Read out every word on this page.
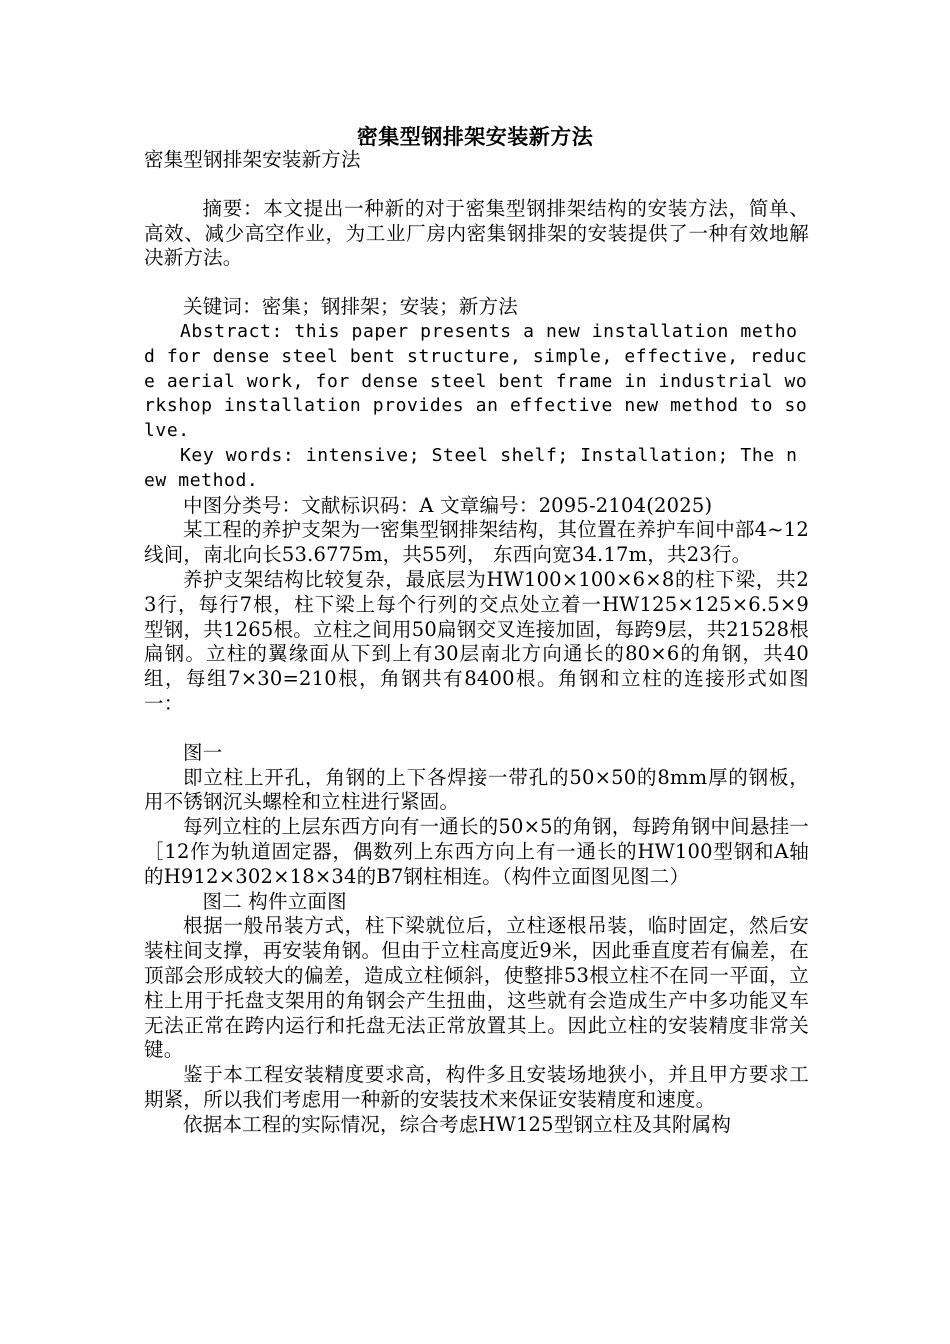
密集型钢排架安装新方法

密集型钢排架安装新方法

摘要：本文提出一种新的对于密集型钢排架结构的安装方法，简单、高效、减少高空作业，为工业厂房内密集钢排架的安装提供了一种有效地解决新方法。

关键词：密集；钢排架；安装；新方法

Abstract: this paper presents a new installation method for dense steel bent structure, simple, effective, reduce aerial work, for dense steel bent frame in industrial workshop installation provides an effective new method to solve.

Key words: intensive; Steel shelf; Installation; The new method.

中图分类号：文献标识码：A 文章编号：2095-2104(2025)

某工程的养护支架为一密集型钢排架结构，其位置在养护车间中部4~12线间，南北向长53.6775m，共55列， 东西向宽34.17m，共23行。

养护支架结构比较复杂，最底层为HW100×100×6×8的柱下梁，共23行，每行7根，柱下梁上每个行列的交点处立着一HW125×125×6.5×9型钢，共1265根。立柱之间用50扁钢交叉连接加固，每跨9层，共21528根扁钢。立柱的翼缘面从下到上有30层南北方向通长的80×6的角钢，共40组，每组7×30=210根，角钢共有8400根。角钢和立柱的连接形式如图一：

图一

即立柱上开孔，角钢的上下各焊接一带孔的50×50的8mm厚的钢板，用不锈钢沉头螺栓和立柱进行紧固。

每列立柱的上层东西方向有一通长的50×5的角钢，每跨角钢中间悬挂一［12作为轨道固定器，偶数列上东西方向上有一通长的HW100型钢和A轴的H912×302×18×34的B7钢柱相连。（构件立面图见图二）

图二 构件立面图

根据一般吊装方式，柱下梁就位后，立柱逐根吊装，临时固定，然后安装柱间支撑，再安装角钢。但由于立柱高度近9米，因此垂直度若有偏差，在顶部会形成较大的偏差，造成立柱倾斜，使整排53根立柱不在同一平面，立柱上用于托盘支架用的角钢会产生扭曲，这些就有会造成生产中多功能叉车无法正常在跨内运行和托盘无法正常放置其上。因此立柱的安装精度非常关键。

鉴于本工程安装精度要求高，构件多且安装场地狭小，并且甲方要求工期紧，所以我们考虑用一种新的安装技术来保证安装精度和速度。

依据本工程的实际情况，综合考虑HW125型钢立柱及其附属构
